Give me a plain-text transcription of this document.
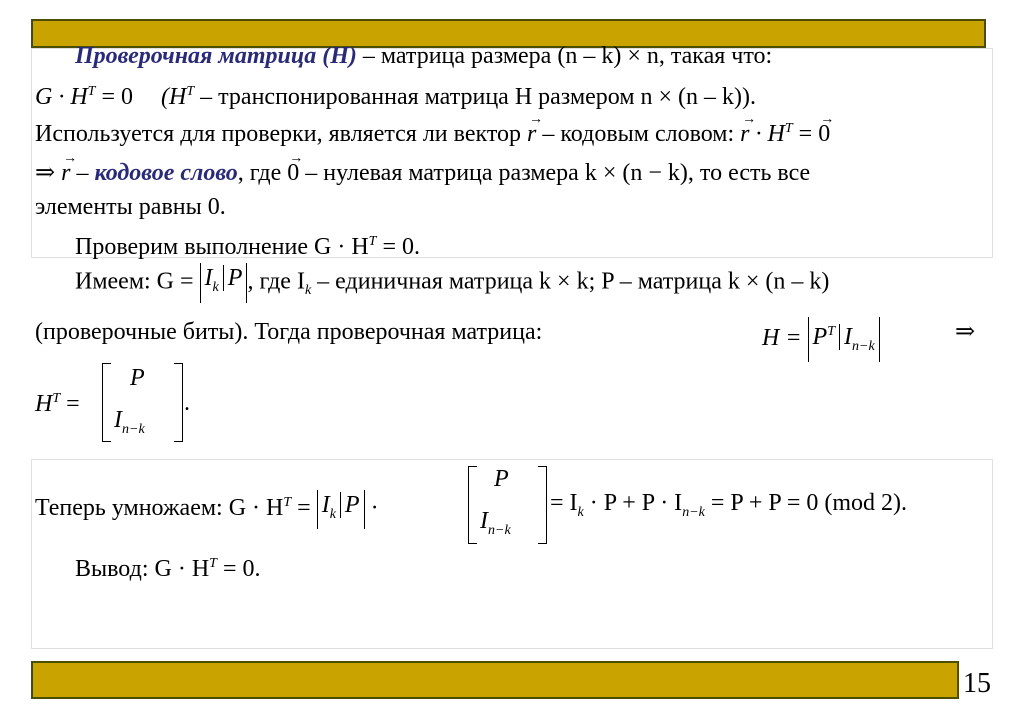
Проверочная матрица (Н) – матрица размера (n – k) × n, такая что:
$G \cdot H^T = 0$ ($H^T$ – транспонированная матрица H размером n × (n – k)).
Используется для проверки, является ли вектор → r – кодовым словом: → $r \cdot H^T$ = → 0
⇒ → r – кодовое слово, где → 0 – нулевая матрица размера k × (n − k), то есть все
элементы равны 0.
Проверим выполнение $G \cdot H^T = 0$.
Имеем: $G = I_k$ P , где $I_k$ – единичная матрица k × k; P – матрица k × (n – k)
(проверочные биты). Тогда проверочная матрица:	$H = P^T$ $I_{n-k}$
⇒
$H^T$ =
P
$I_{n-k}$
.
Теперь умножаем: $G \cdot H^T = I_k$ P ·
P
$I_{n-k}$
= $I_k \cdot P + P \cdot I_{n-k} = P + P = 0$ (mod 2).
Вывод: $G \cdot H^T = 0$.
15
